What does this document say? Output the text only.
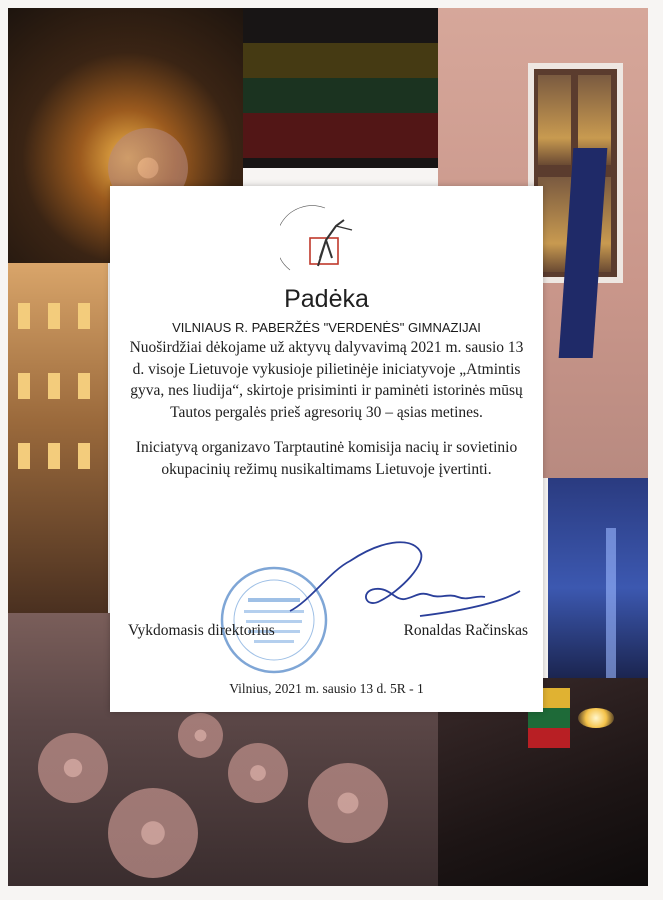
Padėka
VILNIAUS R. PABERŽĖS "VERDENĖS" GIMNAZIJAI

Nuoširdžiai dėkojame už aktyvų dalyvavimą 2021 m. sausio 13 d. visoje Lietuvoje vykusioje pilietinėje iniciatyvoje „Atmintis gyva, nes liudija“, skirtoje prisiminti ir paminėti istorinės mūsų Tautos pergalės prieš agresorių 30 – ąsias metines.

Iniciatyvą organizavo Tarptautinė komisija nacių ir sovietinio okupacinių režimų nusikaltimams Lietuvoje įvertinti.

Vykdomasis direktorius	Ronaldas Račinskas
Vilnius, 2021 m. sausio 13 d. 5R - 1
